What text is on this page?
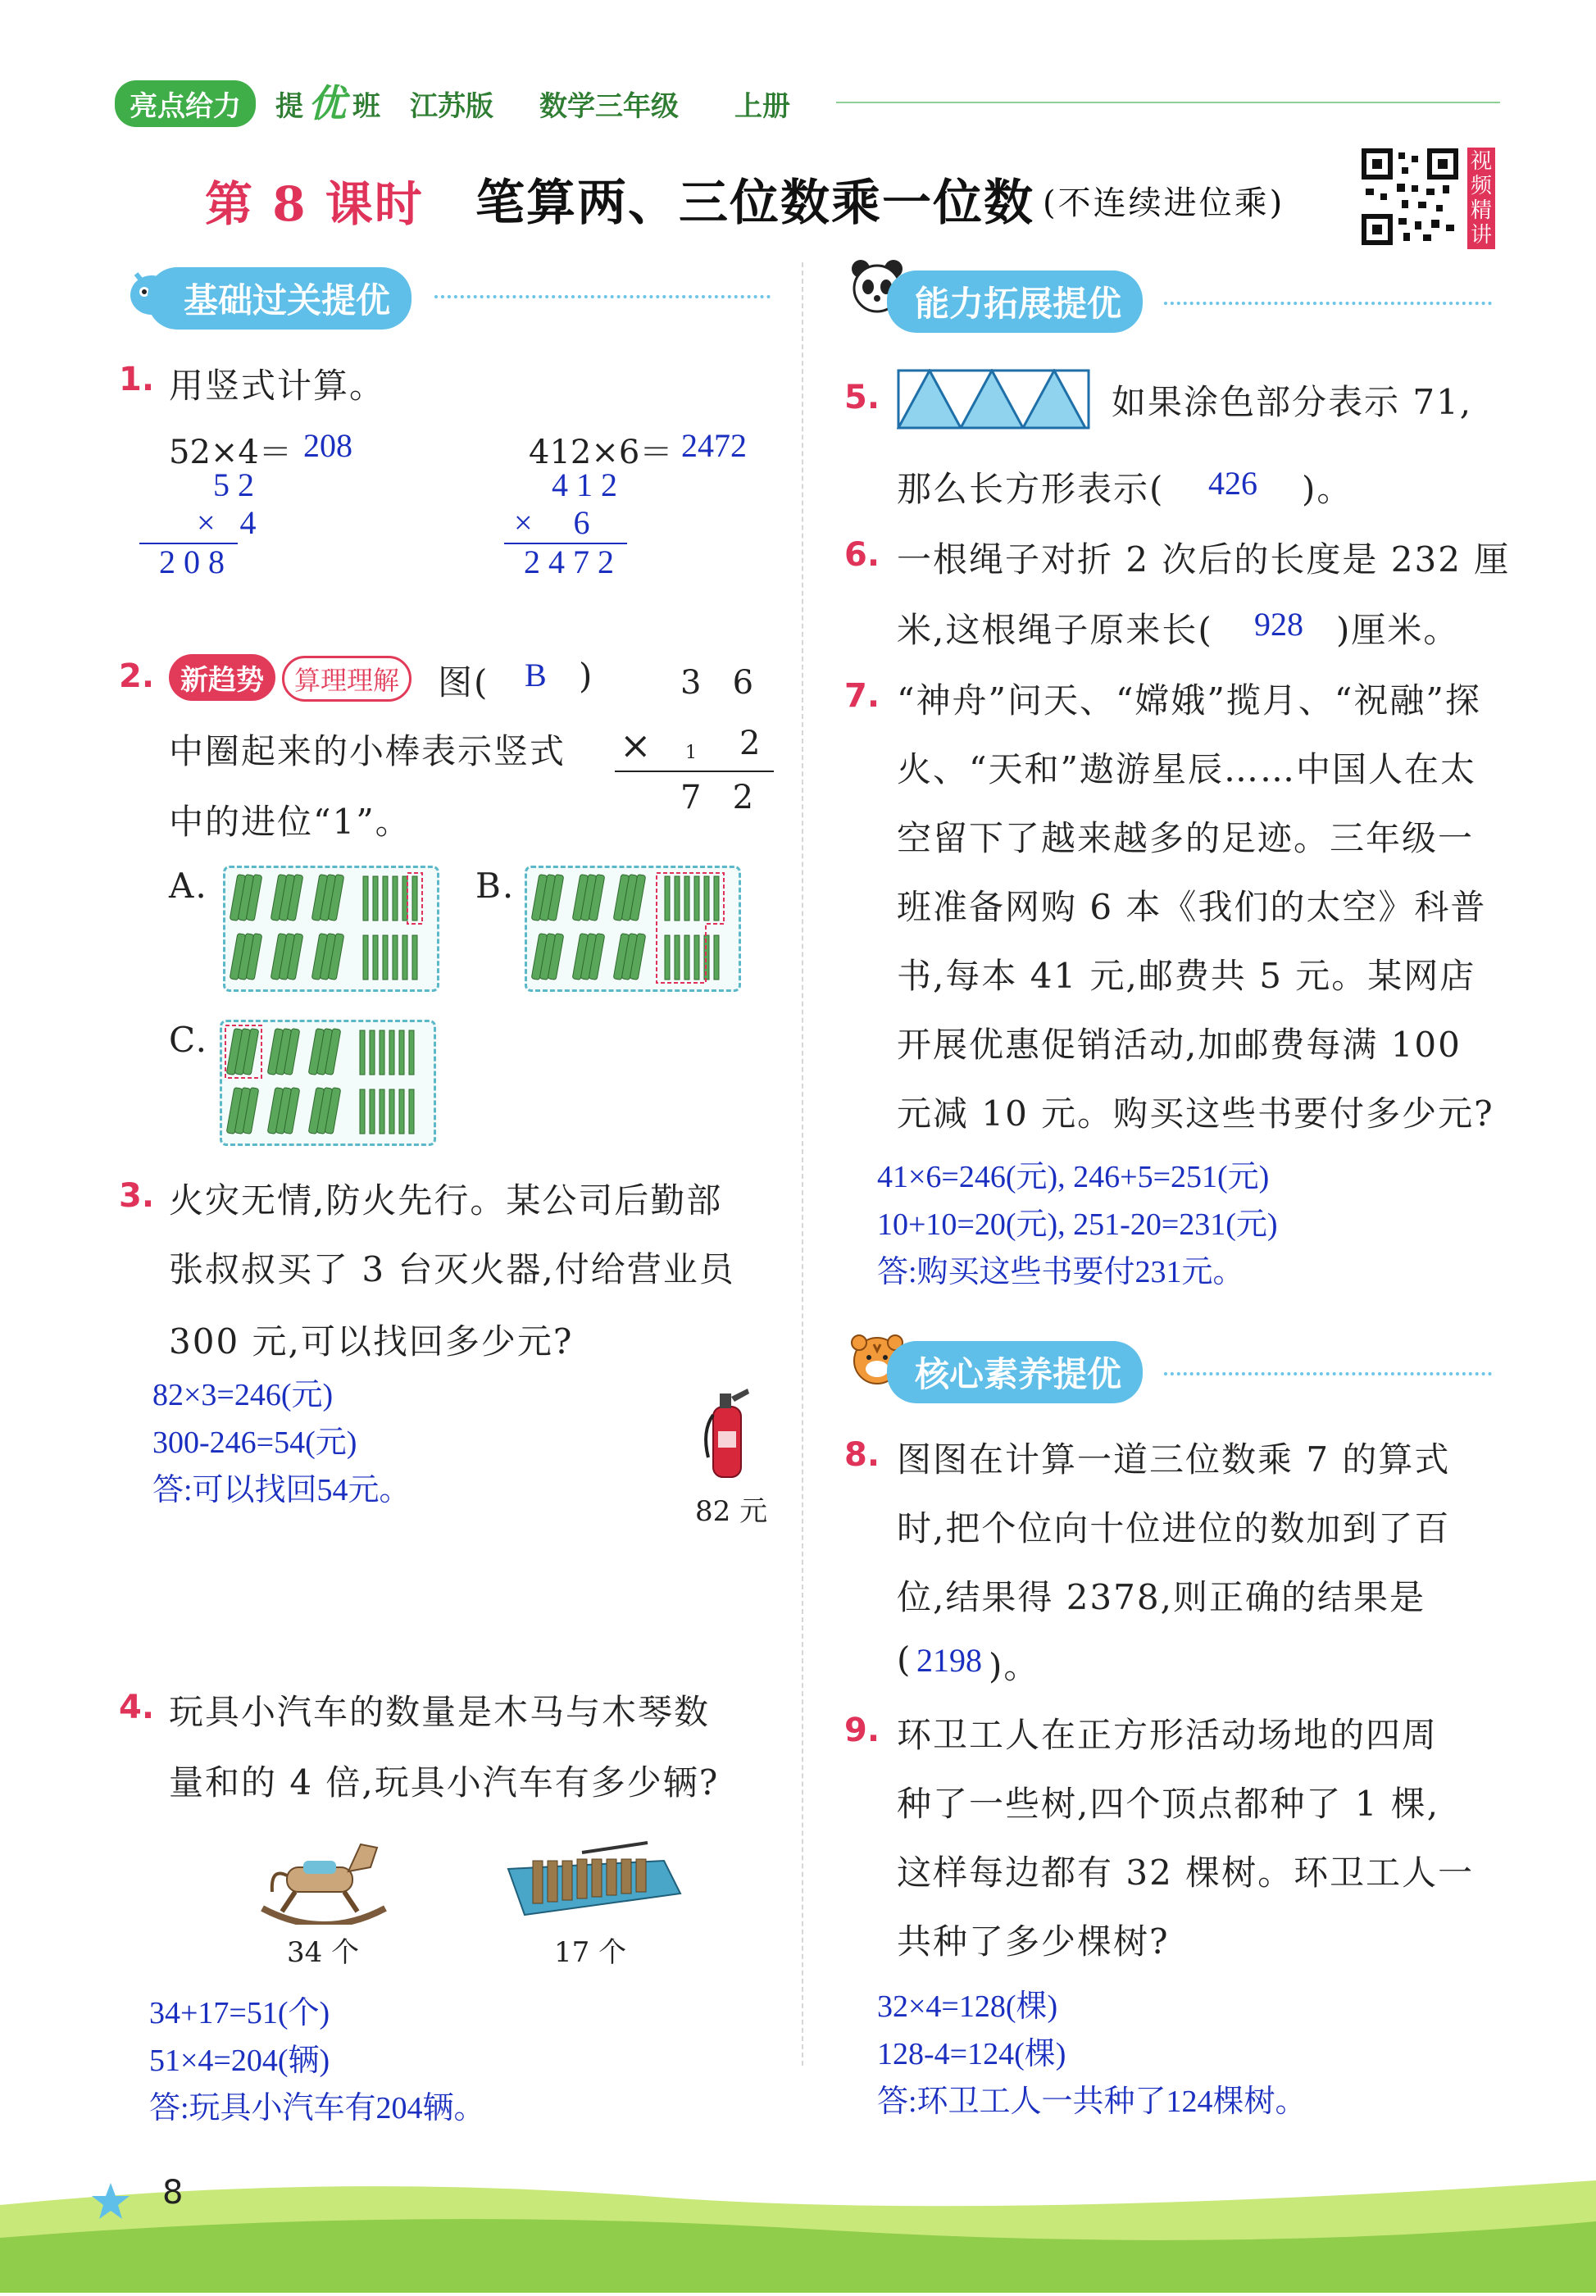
亮点给力	提 优 班 江苏版 数学三年级 上册
第 8 课时 笔算两、三位数乘一位数 (不连续进位乘)
视频精讲
基础过关提优
1. 用竖式计算。
52×4＝ 208
5 2
×   4
2 0 8
412×6＝ 2472
4 1 2
×     6
2 4 7 2
2. 新趋势	算理理解	图( B )
中圈起来的小棒表示竖式
中的进位“1”。
3   6
× 1 2
7   2
A.	B.
C.
3. 火灾无情,防火先行。某公司后勤部
张叔叔买了 3 台灭火器,付给营业员
300 元,可以找回多少元?
82×3=246(元)
300-246=54(元)
答:可以找回54元。
82 元
4. 玩具小汽车的数量是木马与木琴数
量和的 4 倍,玩具小汽车有多少辆?
34 个	17 个
34+17=51(个)
51×4=204(辆)
答:玩具小汽车有204辆。
能力拓展提优
5.	如果涂色部分表示 71,
那么长方形表示( 426 )。
6. 一根绳子对折 2 次后的长度是 232 厘
米,这根绳子原来长( 928 )厘米。
7. “神舟”问天、“嫦娥”揽月、“祝融”探
火、“天和”遨游星辰……中国人在太
空留下了越来越多的足迹。三年级一
班准备网购 6 本《我们的太空》科普
书,每本 41 元,邮费共 5 元。某网店
开展优惠促销活动,加邮费每满 100
元减 10 元。购买这些书要付多少元?
41×6=246(元), 246+5=251(元)
10+10=20(元), 251-20=231(元)
答:购买这些书要付231元。
核心素养提优
8. 图图在计算一道三位数乘 7 的算式
时,把个位向十位进位的数加到了百
位,结果得 2378,则正确的结果是
( 2198 )。
9. 环卫工人在正方形活动场地的四周
种了一些树,四个顶点都种了 1 棵,
这样每边都有 32 棵树。环卫工人一
共种了多少棵树?
32×4=128(棵)
128-4=124(棵)
答:环卫工人一共种了124棵树。
8
